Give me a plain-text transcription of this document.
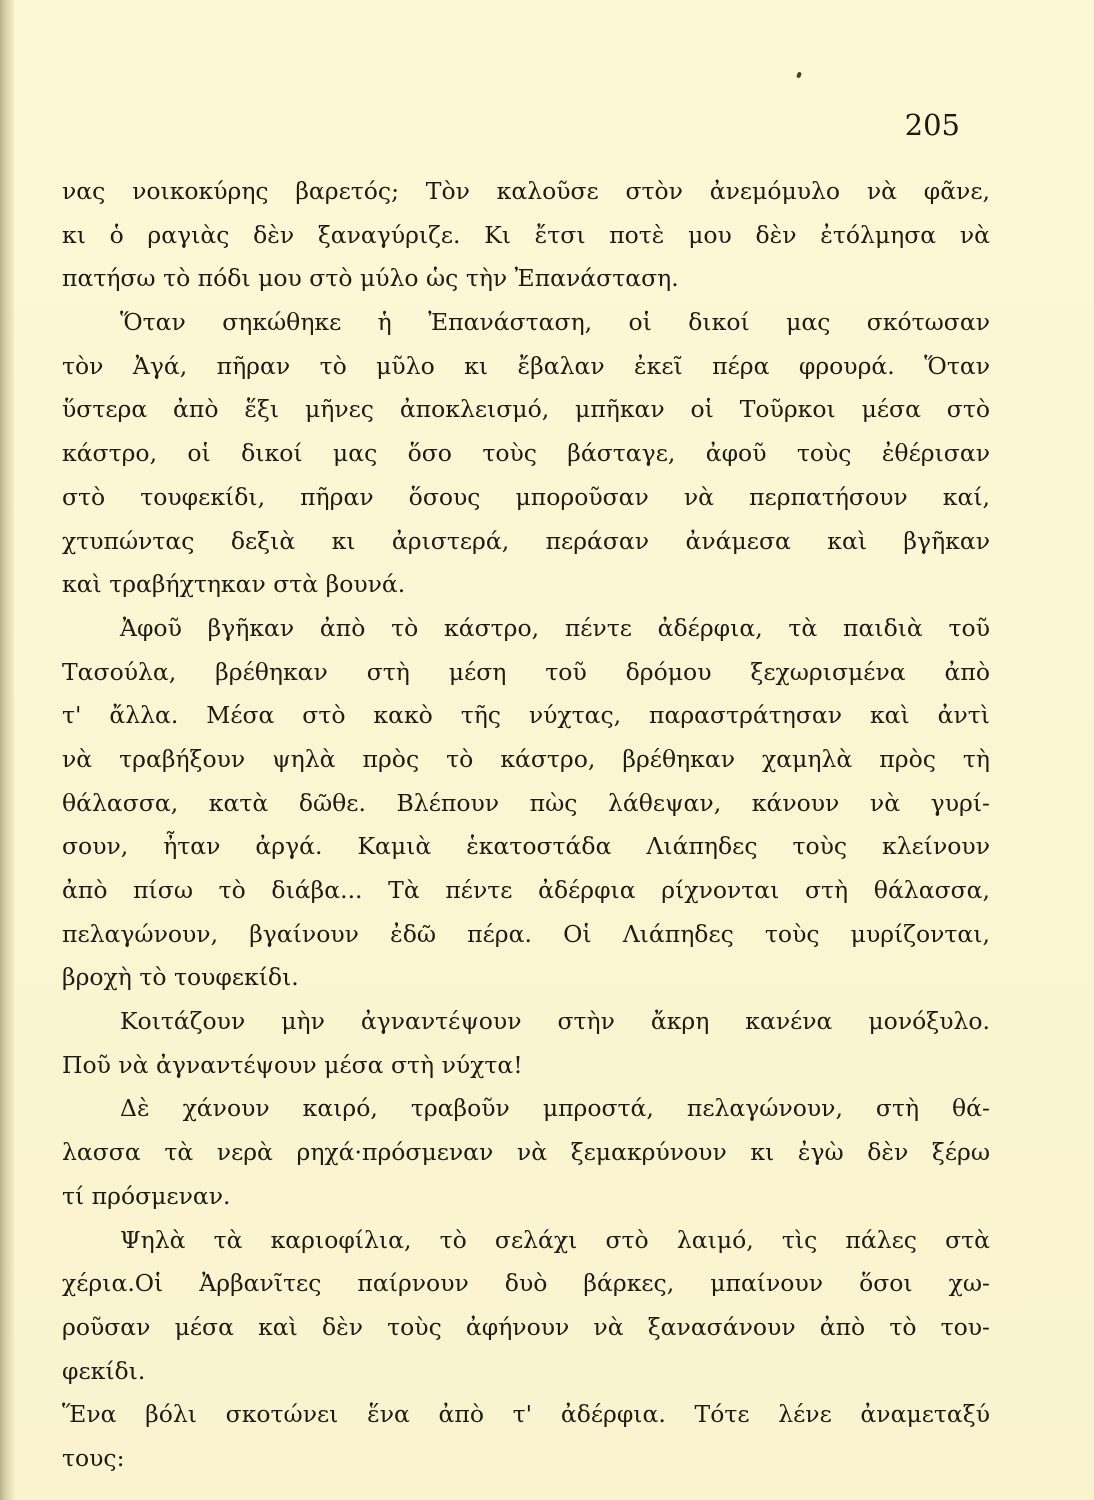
205
νας νοικοκύρης βαρετός; Τὸν καλοῦσε στὸν ἀνεμόμυλο νὰ φᾶνε,
κι ὁ ραγιὰς δὲν ξαναγύριζε. Κι ἔτσι ποτὲ μου δὲν ἐτόλμησα νὰ
πατήσω τὸ πόδι μου στὸ μύλο ὡς τὴν Ἐπανάσταση.
Ὅταν σηκώθηκε ἡ Ἐπανάσταση, οἱ δικοί μας σκότωσαν
τὸν Ἀγά, πῆραν τὸ μῦλο κι ἔβαλαν ἐκεῖ πέρα φρουρά. Ὅταν
ὕστερα ἀπὸ ἕξι μῆνες ἀποκλεισμό, μπῆκαν οἱ Τοῦρκοι μέσα στὸ
κάστρο, οἱ δικοί μας ὅσο τοὺς βάσταγε, ἀφοῦ τοὺς ἐθέρισαν
στὸ τουφεκίδι, πῆραν ὅσους μποροῦσαν νὰ περπατήσουν καί,
χτυπώντας δεξιὰ κι ἀριστερά, περάσαν ἀνάμεσα καὶ βγῆκαν
καὶ τραβήχτηκαν στὰ βουνά.
Ἀφοῦ βγῆκαν ἀπὸ τὸ κάστρο, πέντε ἀδέρφια, τὰ παιδιὰ τοῦ
Τασούλα, βρέθηκαν στὴ μέση τοῦ δρόμου ξεχωρισμένα ἀπὸ
τ' ἄλλα. Μέσα στὸ κακὸ τῆς νύχτας, παραστράτησαν καὶ ἀντὶ
νὰ τραβήξουν ψηλὰ πρὸς τὸ κάστρο, βρέθηκαν χαμηλὰ πρὸς τὴ
θάλασσα, κατὰ δῶθε. Βλέπουν πὼς λάθεψαν, κάνουν νὰ γυρί-
σουν, ἦταν ἀργά. Καμιὰ ἑκατοστάδα Λιάπηδες τοὺς κλείνουν
ἀπὸ πίσω τὸ διάβα... Τὰ πέντε ἀδέρφια ρίχνονται στὴ θάλασσα,
πελαγώνουν, βγαίνουν ἐδῶ πέρα. Οἱ Λιάπηδες τοὺς μυρίζονται,
βροχὴ τὸ τουφεκίδι.
Κοιτάζουν μὴν ἀγναντέψουν στὴν ἄκρη κανένα μονόξυλο.
Ποῦ νὰ ἀγναντέψουν μέσα στὴ νύχτα!
Δὲ χάνουν καιρό, τραβοῦν μπροστά, πελαγώνουν, στὴ θά-
λασσα τὰ νερὰ ρηχά·πρόσμεναν νὰ ξεμακρύνουν κι ἐγὼ δὲν ξέρω
τί πρόσμεναν.
Ψηλὰ τὰ καριοφίλια, τὸ σελάχι στὸ λαιμό, τὶς πάλες στὰ
χέρια.Οἱ Ἀρβανῖτες παίρνουν δυὸ βάρκες, μπαίνουν ὅσοι χω-
ροῦσαν μέσα καὶ δὲν τοὺς ἀφήνουν νὰ ξανασάνουν ἀπὸ τὸ του-
φεκίδι.
Ἕνα βόλι σκοτώνει ἕνα ἀπὸ τ' ἀδέρφια. Τότε λένε ἀναμεταξύ
τους:
